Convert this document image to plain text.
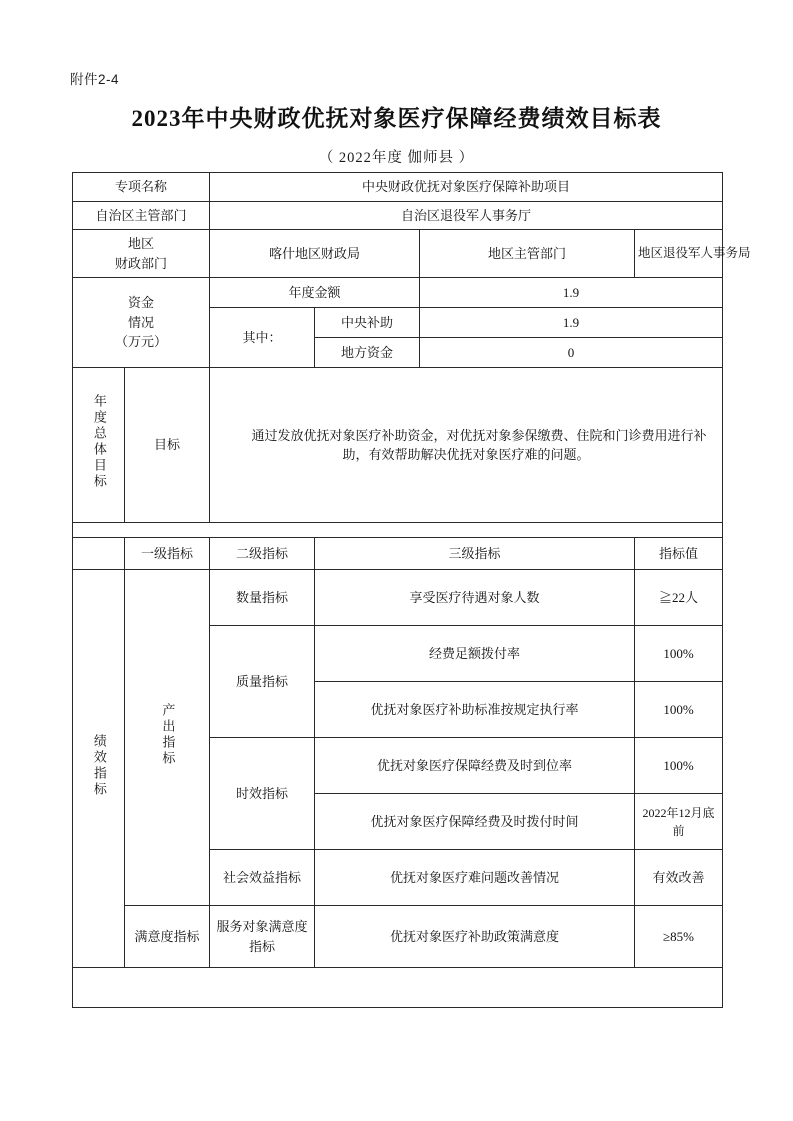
附件2-4
2023年中央财政优抚对象医疗保障经费绩效目标表
（ 2022年度 伽师县 ）
专项名称		中央财政优抚对象医疗保障补助项目			
自治区主管部门		自治区退役军人事务厅			

地区
财政部门		喀什地区财政局		地区主管部门	地区退役军人事务局

资金
情况
（万元）		年度金额		1.9	
		其中：	中央补助	1.9	
			地方资金	0	
年度总体目标	目标	通过发放优抚对象医疗补助资金，对优抚对象参保缴费、住院和门诊费用进行补助，有效帮助解决优抚对象医疗难的问题。			

	一级指标	二级指标	三级指标		指标值
绩效指标	产出指标	数量指标	享受医疗待遇对象人数		≧22人
		质量指标	经费足额拨付率		100%
			优抚对象医疗补助标准按规定执行率		100%
		时效指标	优抚对象医疗保障经费及时到位率		100%
			优抚对象医疗保障经费及时拨付时间		2022年12月底前
		社会效益指标	优抚对象医疗难问题改善情况		有效改善
	满意度指标	服务对象满意度指标	优抚对象医疗补助政策满意度		≥85%
